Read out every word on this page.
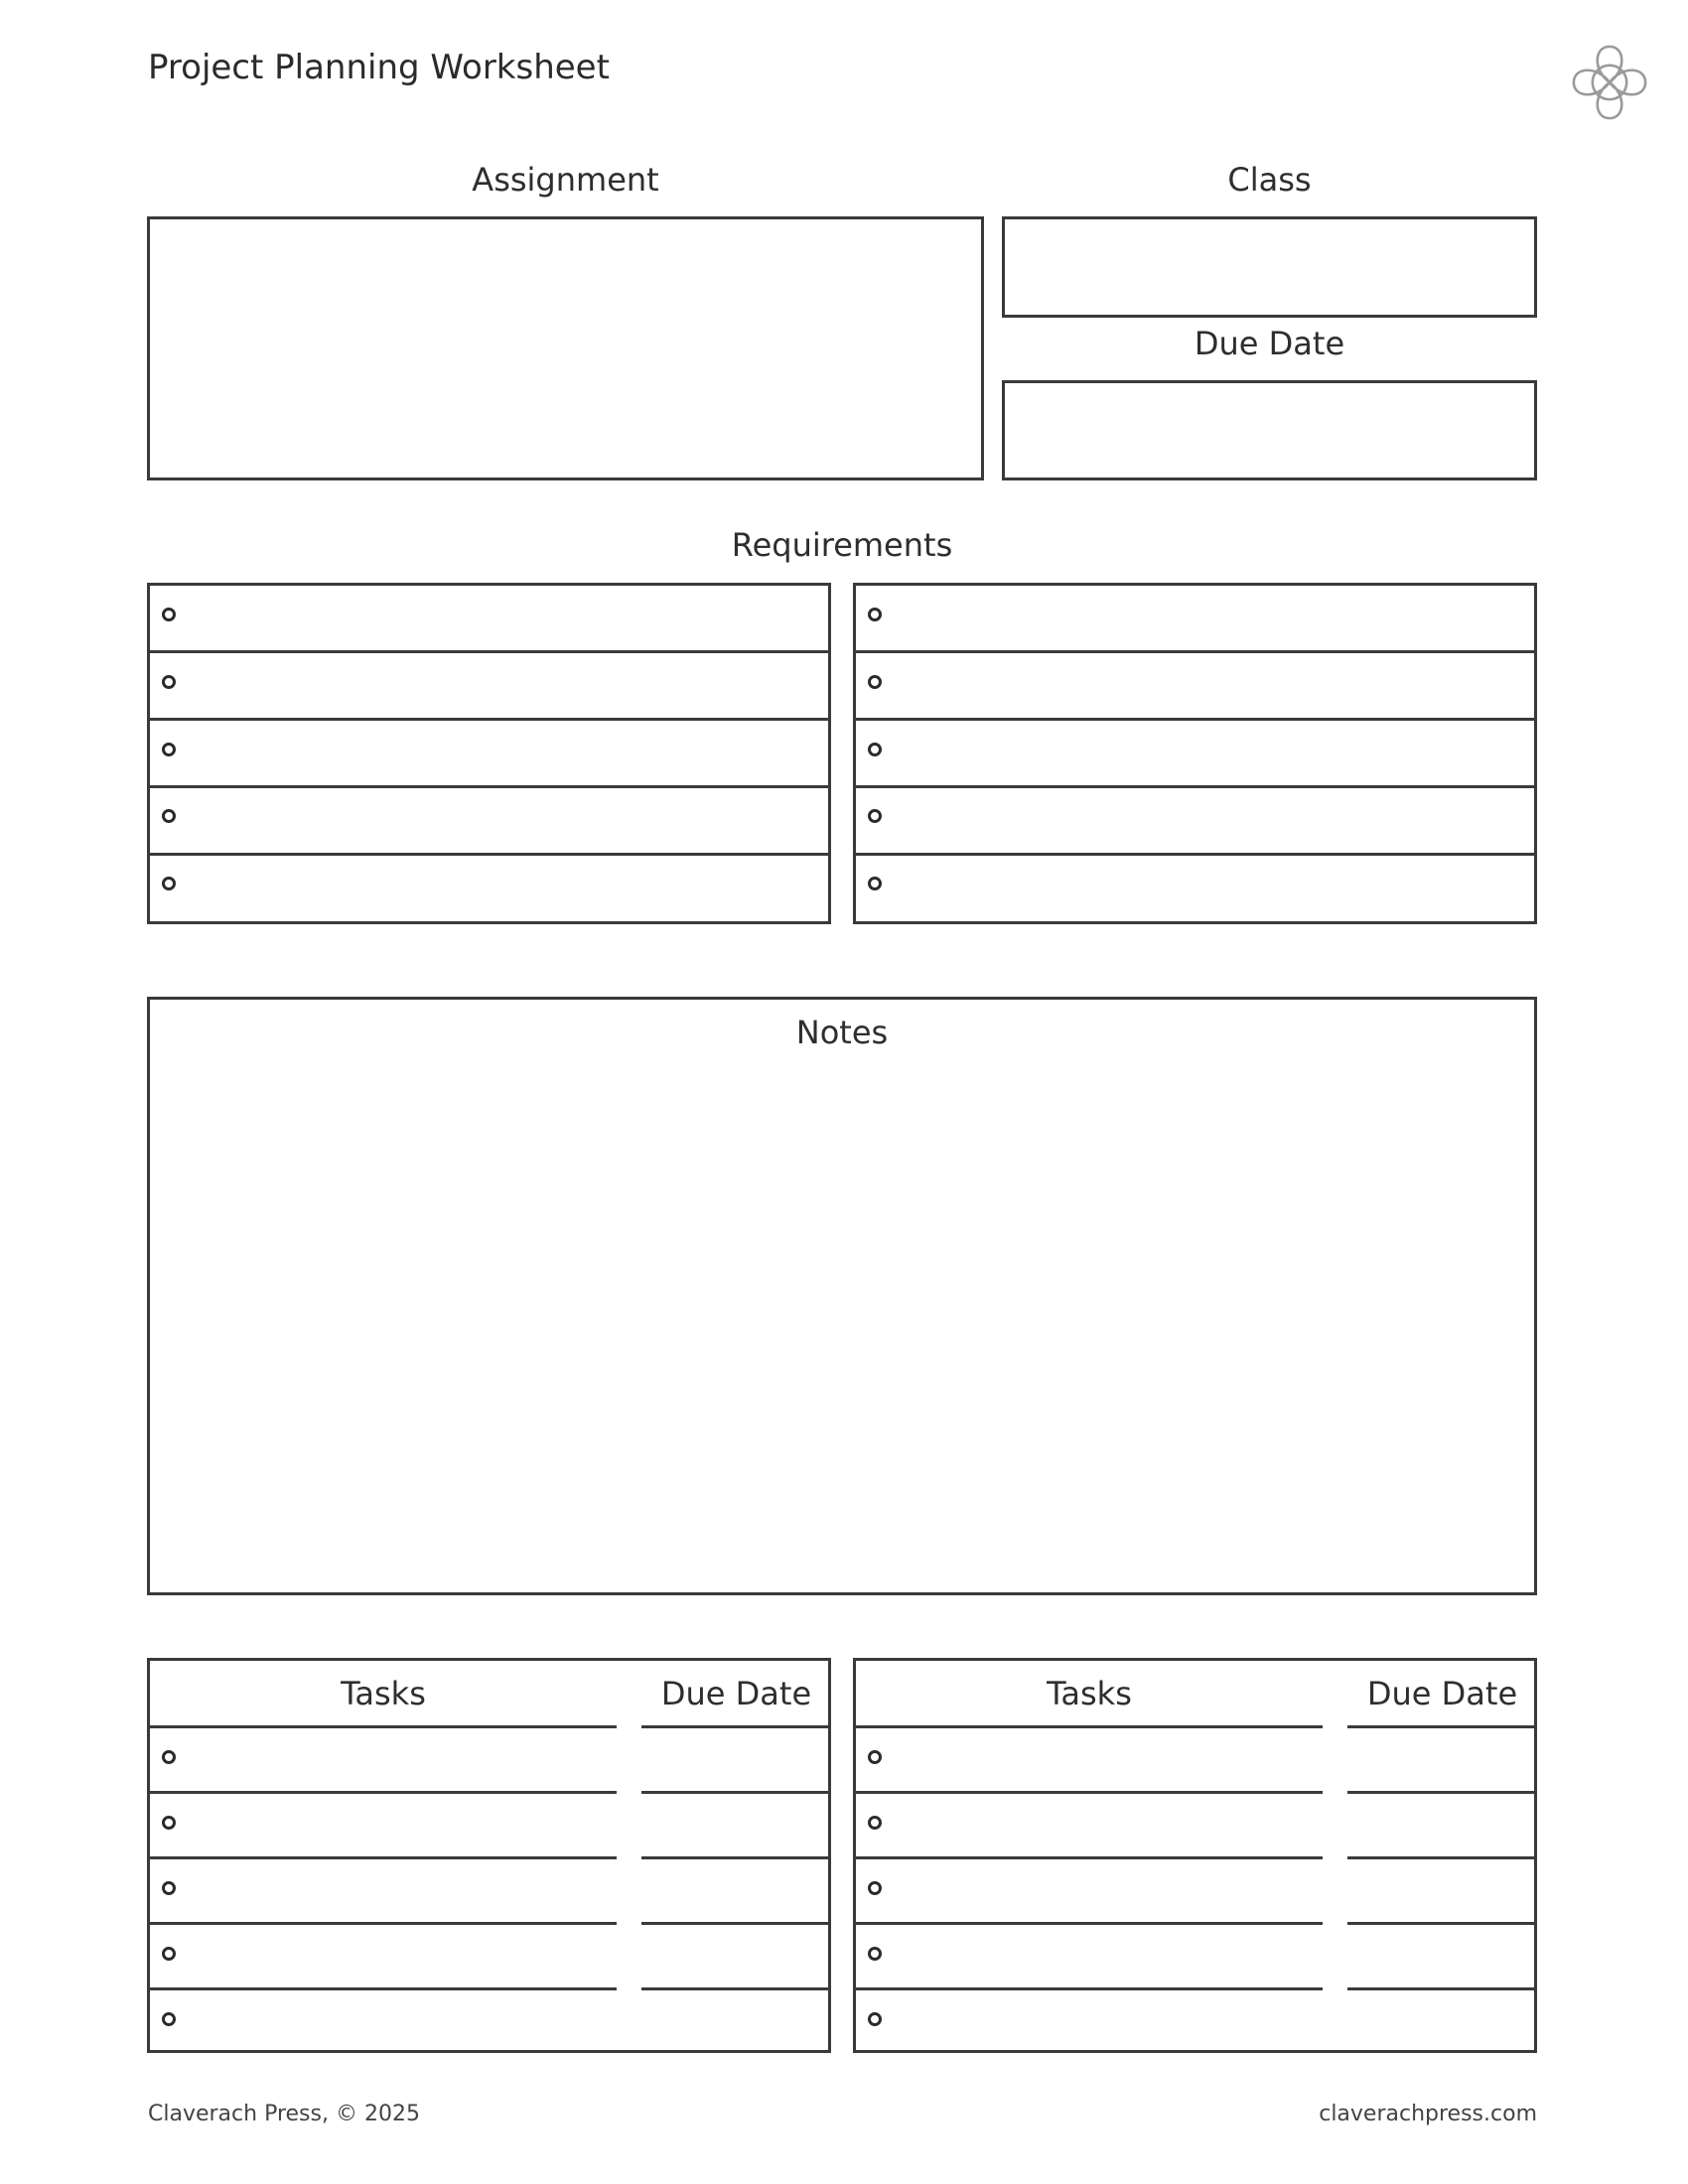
Project Planning Worksheet
Assignment	Class
Due Date
Requirements
Notes
Tasks	Due Date	Tasks	Due Date
Claverach Press, © 2025	claverachpress.com
